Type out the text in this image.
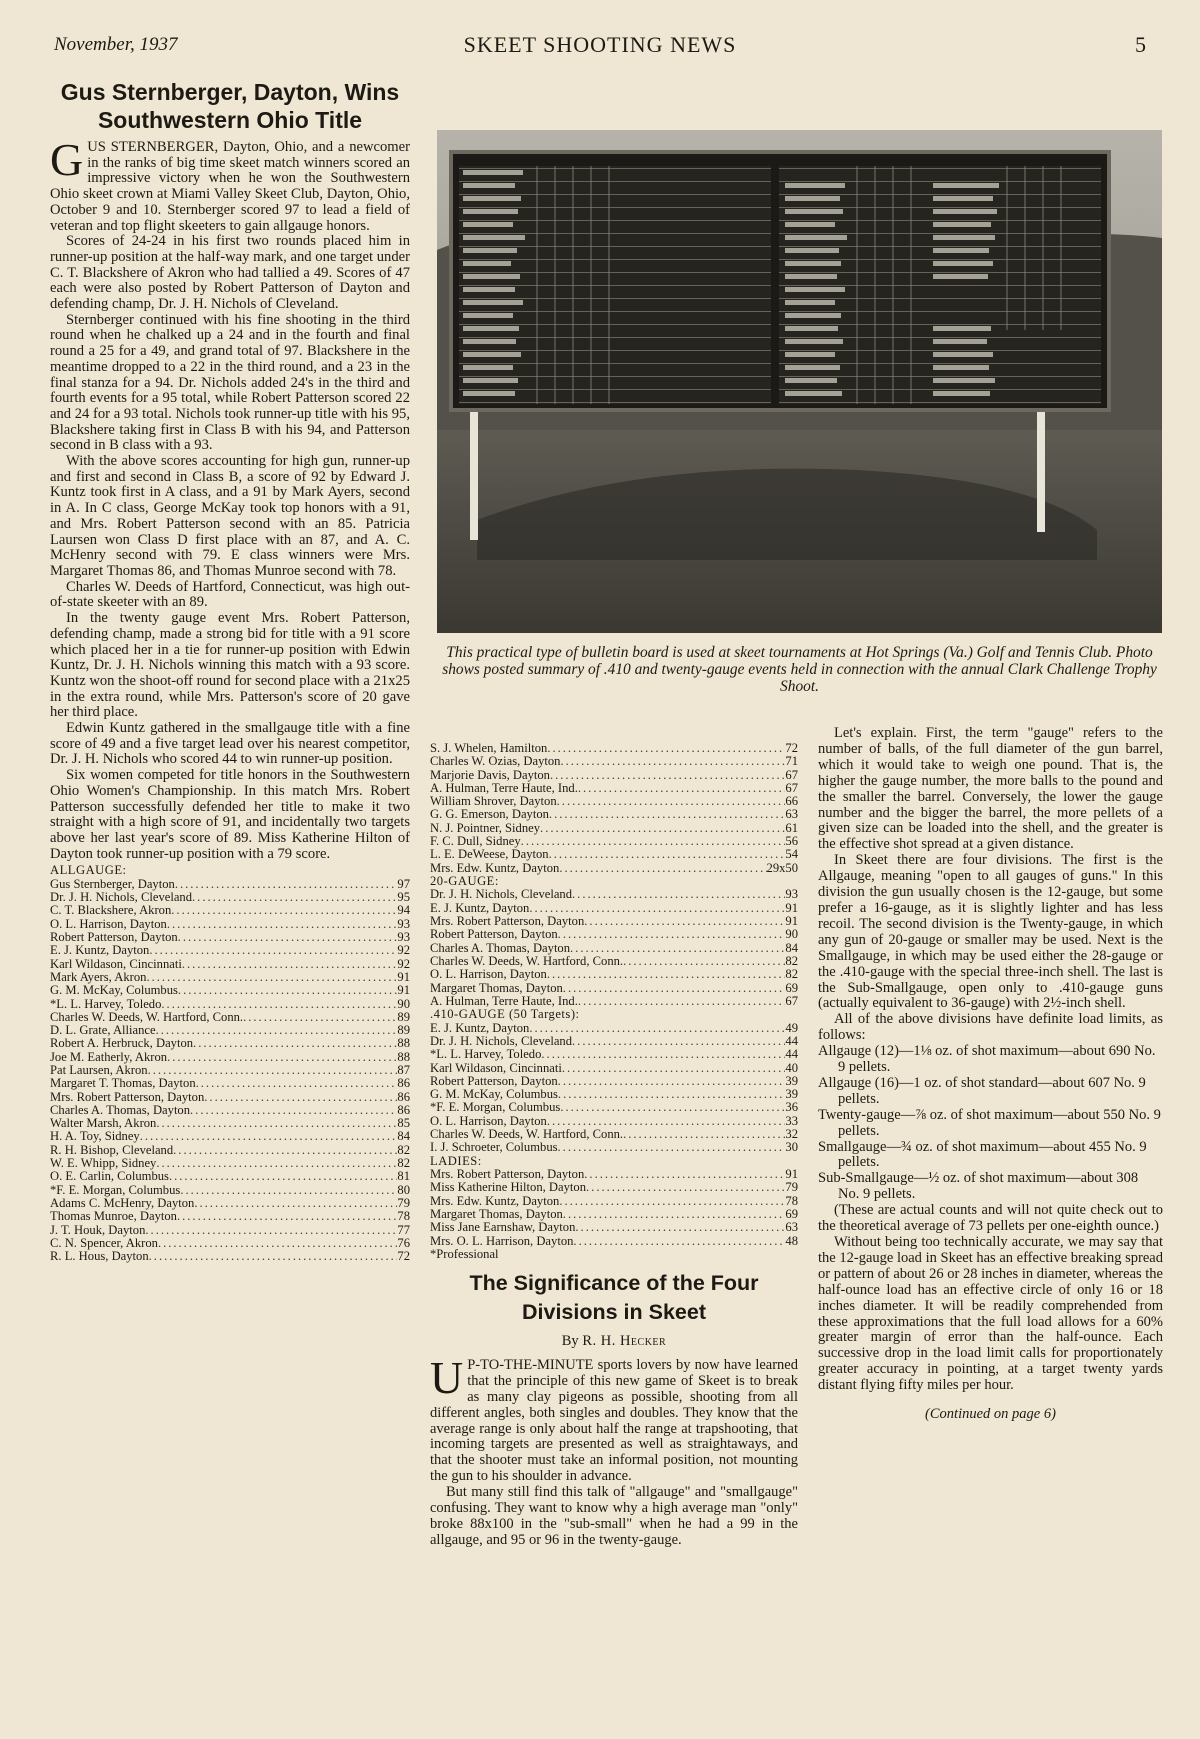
November, 1937	SKEET SHOOTING NEWS	5
Gus Sternberger, Dayton, Wins Southwestern Ohio Title

GUS STERNBERGER, Dayton, Ohio, and a newcomer in the ranks of big time skeet match winners scored an impressive victory when he won the Southwestern Ohio skeet crown at Miami Valley Skeet Club, Dayton, Ohio, October 9 and 10. Sternberger scored 97 to lead a field of veteran and top flight skeeters to gain allgauge honors.

Scores of 24-24 in his first two rounds placed him in runner-up position at the half-way mark, and one target under C. T. Blackshere of Akron who had tallied a 49. Scores of 47 each were also posted by Robert Patterson of Dayton and defending champ, Dr. J. H. Nichols of Cleveland.

Sternberger continued with his fine shooting in the third round when he chalked up a 24 and in the fourth and final round a 25 for a 49, and grand total of 97. Blackshere in the meantime dropped to a 22 in the third round, and a 23 in the final stanza for a 94. Dr. Nichols added 24's in the third and fourth events for a 95 total, while Robert Patterson scored 22 and 24 for a 93 total. Nichols took runner-up title with his 95, Blackshere taking first in Class B with his 94, and Patterson second in B class with a 93.

With the above scores accounting for high gun, runner-up and first and second in Class B, a score of 92 by Edward J. Kuntz took first in A class, and a 91 by Mark Ayers, second in A. In C class, George McKay took top honors with a 91, and Mrs. Robert Patterson second with an 85. Patricia Laursen won Class D first place with an 87, and A. C. McHenry second with 79. E class winners were Mrs. Margaret Thomas 86, and Thomas Munroe second with 78.

Charles W. Deeds of Hartford, Connecticut, was high out-of-state skeeter with an 89.

In the twenty gauge event Mrs. Robert Patterson, defending champ, made a strong bid for title with a 91 score which placed her in a tie for runner-up position with Edwin Kuntz, Dr. J. H. Nichols winning this match with a 93 score. Kuntz won the shoot-off round for second place with a 21x25 in the extra round, while Mrs. Patterson's score of 20 gave her third place.

Edwin Kuntz gathered in the smallgauge title with a fine score of 49 and a five target lead over his nearest competitor, Dr. J. H. Nichols who scored 44 to win runner-up position.

Six women competed for title honors in the Southwestern Ohio Women's Championship. In this match Mrs. Robert Patterson successfully defended her title to make it two straight with a high score of 91, and incidentally two targets above her last year's score of 89. Miss Katherine Hilton of Dayton took runner-up position with a 79 score.

ALLGAUGE:
Gus Sternberger, Dayton .....	97
Dr. J. H. Nichols, Cleveland .....	95
C. T. Blackshere, Akron .....	94
O. L. Harrison, Dayton .....	93
Robert Patterson, Dayton .....	93
E. J. Kuntz, Dayton .....	92
Karl Wildason, Cincinnati .....	92
Mark Ayers, Akron .....	91
G. M. McKay, Columbus .....	91
*L. L. Harvey, Toledo .....	90
Charles W. Deeds, W. Hartford, Conn. .....	89
D. L. Grate, Alliance .....	89
Robert A. Herbruck, Dayton .....	88
Joe M. Eatherly, Akron .....	88
Pat Laursen, Akron .....	87
Margaret T. Thomas, Dayton .....	86
Mrs. Robert Patterson, Dayton .....	86
Charles A. Thomas, Dayton .....	86
Walter Marsh, Akron .....	85
H. A. Toy, Sidney .....	84
R. H. Bishop, Cleveland .....	82
W. E. Whipp, Sidney .....	82
O. E. Carlin, Columbus .....	81
*F. E. Morgan, Columbus .....	80
Adams C. McHenry, Dayton .....	79
Thomas Munroe, Dayton .....	78
J. T. Houk, Dayton .....	77
C. N. Spencer, Akron .....	76
R. L. Hous, Dayton .....	72
This practical type of bulletin board is used at skeet tournaments at Hot Springs (Va.) Golf and Tennis Club. Photo shows posted summary of .410 and twenty-gauge events held in connection with the annual Clark Challenge Trophy Shoot.
S. J. Whelen, Hamilton .....	72
Charles W. Ozias, Dayton .....	71
Marjorie Davis, Dayton .....	67
A. Hulman, Terre Haute, Ind. .....	67
William Shrover, Dayton .....	66
G. G. Emerson, Dayton .....	63
N. J. Pointner, Sidney .....	61
F. C. Dull, Sidney .....	56
L. E. DeWeese, Dayton .....	54
Mrs. Edw. Kuntz, Dayton .....	29x50
20-GAUGE:
Dr. J. H. Nichols, Cleveland .....	93
E. J. Kuntz, Dayton .....	91
Mrs. Robert Patterson, Dayton .....	91
Robert Patterson, Dayton .....	90
Charles A. Thomas, Dayton .....	84
Charles W. Deeds, W. Hartford, Conn. .....	82
O. L. Harrison, Dayton .....	82
Margaret Thomas, Dayton .....	69
A. Hulman, Terre Haute, Ind. .....	67
.410-GAUGE (50 Targets):
E. J. Kuntz, Dayton .....	49
Dr. J. H. Nichols, Cleveland .....	44
*L. L. Harvey, Toledo .....	44
Karl Wildason, Cincinnati .....	40
Robert Patterson, Dayton .....	39
G. M. McKay, Columbus .....	39
*F. E. Morgan, Columbus .....	36
O. L. Harrison, Dayton .....	33
Charles W. Deeds, W. Hartford, Conn. .....	32
I. J. Schroeter, Columbus .....	30
LADIES:
Mrs. Robert Patterson, Dayton .....	91
Miss Katherine Hilton, Dayton .....	79
Mrs. Edw. Kuntz, Dayton .....	78
Margaret Thomas, Dayton .....	69
Miss Jane Earnshaw, Dayton .....	63
Mrs. O. L. Harrison, Dayton .....	48
*Professional
The Significance of the Four Divisions in Skeet
By R. H. Hecker

U P-TO-THE-MINUTE sports lovers by now have learned that the principle of this new game of Skeet is to break as many clay pigeons as possible, shooting from all different angles, both singles and doubles. They know that the average range is only about half the range at trapshooting, that incoming targets are presented as well as straightaways, and that the shooter must take an informal position, not mounting the gun to his shoulder in advance.

But many still find this talk of "allgauge" and "smallgauge" confusing. They want to know why a high average man "only" broke 88x100 in the "sub-small" when he had a 99 in the allgauge, and 95 or 96 in the twenty-gauge.

Let's explain. First, the term "gauge" refers to the number of balls, of the full diameter of the gun barrel, which it would take to weigh one pound. That is, the higher the gauge number, the more balls to the pound and the smaller the barrel. Conversely, the lower the gauge number and the bigger the barrel, the more pellets of a given size can be loaded into the shell, and the greater is the effective shot spread at a given distance.

In Skeet there are four divisions. The first is the Allgauge, meaning "open to all gauges of guns." In this division the gun usually chosen is the 12-gauge, but some prefer a 16-gauge, as it is slightly lighter and has less recoil. The second division is the Twenty-gauge, in which any gun of 20-gauge or smaller may be used. Next is the Smallgauge, in which may be used either the 28-gauge or the .410-gauge with the special three-inch shell. The last is the Sub-Smallgauge, open only to .410-gauge guns (actually equivalent to 36-gauge) with 2½-inch shell.

All of the above divisions have definite load limits, as follows:

Allgauge (12)—1⅛ oz. of shot maximum—about 690 No. 9 pellets.

Allgauge (16)—1 oz. of shot standard—about 607 No. 9 pellets.

Twenty-gauge—⅞ oz. of shot maximum—about 550 No. 9 pellets.

Smallgauge—¾ oz. of shot maximum—about 455 No. 9 pellets.

Sub-Smallgauge—½ oz. of shot maximum—about 308 No. 9 pellets.

(These are actual counts and will not quite check out to the theoretical average of 73 pellets per one-eighth ounce.)

Without being too technically accurate, we may say that the 12-gauge load in Skeet has an effective breaking spread or pattern of about 26 or 28 inches in diameter, whereas the half-ounce load has an effective circle of only 16 or 18 inches diameter. It will be readily comprehended from these approximations that the full load allows for a 60% greater margin of error than the half-ounce. Each successive drop in the load limit calls for proportionately greater accuracy in pointing, at a target twenty yards distant flying fifty miles per hour.

(Continued on page 6)
